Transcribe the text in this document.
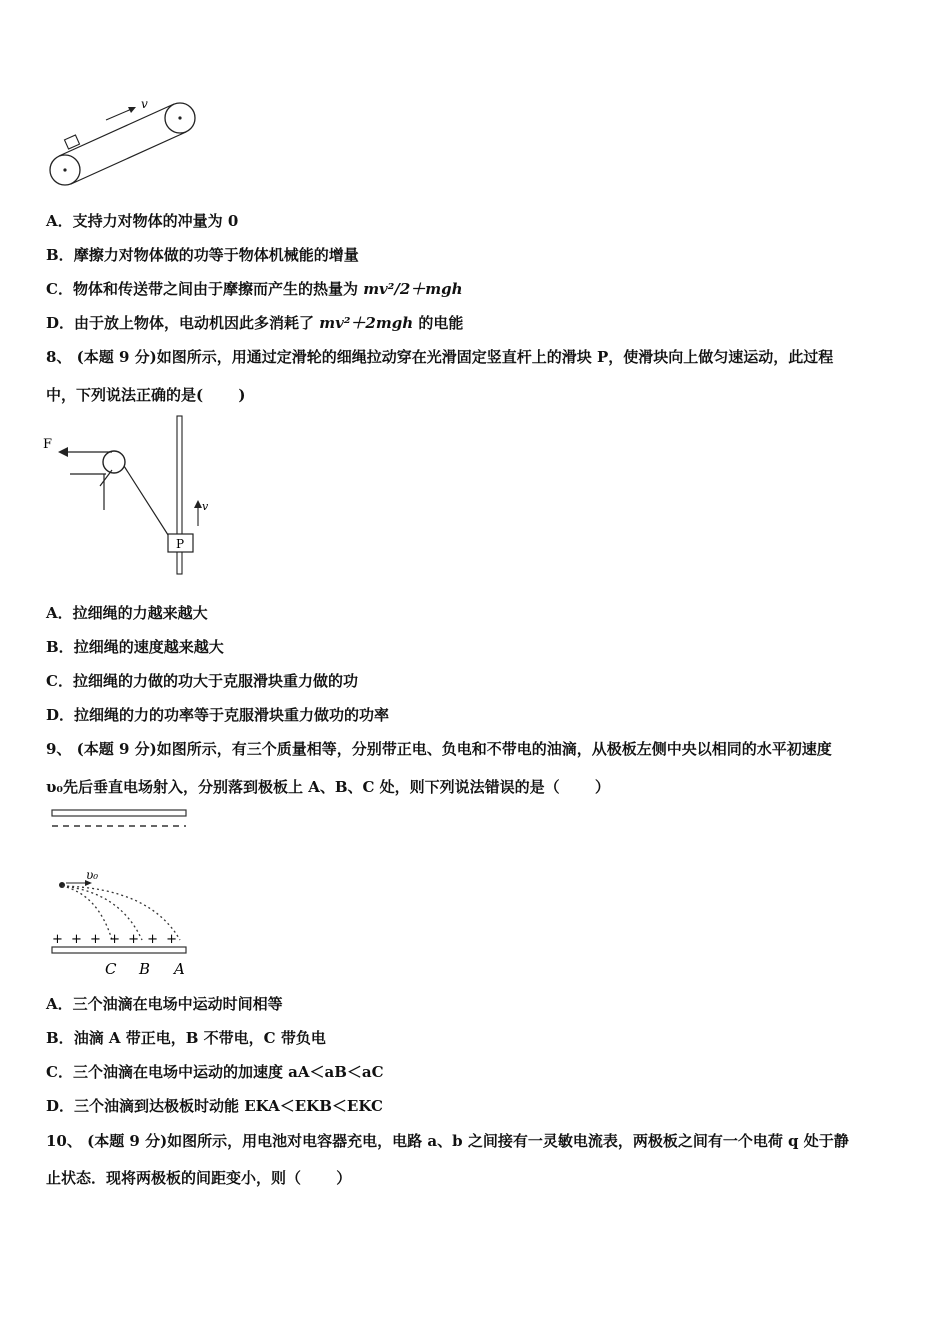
v
A．支持力对物体的冲量为 0
B．摩擦力对物体做的功等于物体机械能的增量
C．物体和传送带之间由于摩擦而产生的热量为 mv²/2＋mgh
D．由于放上物体，电动机因此多消耗了 mv²＋2mgh 的电能
8、 (本题 9 分)如图所示，用通过定滑轮的细绳拉动穿在光滑固定竖直杆上的滑块 P，使滑块向上做匀速运动，此过程
中，下列说法正确的是(　　 )
F
P
v
A．拉细绳的力越来越大
B．拉细绳的速度越来越大
C．拉细绳的力做的功大于克服滑块重力做的功
D．拉细绳的力的功率等于克服滑块重力做功的功率
9、 (本题 9 分)如图所示，有三个质量相等，分别带正电、负电和不带电的油滴，从极板左侧中央以相同的水平初速度
υ₀先后垂直电场射入，分别落到极板上 A、B、C 处，则下列说法错误的是（　　 ）
υ₀
+ + + + + + +
C B A
A．三个油滴在电场中运动时间相等
B．油滴 A 带正电，B 不带电，C 带负电
C．三个油滴在电场中运动的加速度 aA＜aB＜aC
D．三个油滴到达极板时动能 EKA＜EKB＜EKC
10、 (本题 9 分)如图所示，用电池对电容器充电，电路 a、b 之间接有一灵敏电流表，两极板之间有一个电荷 q 处于静
止状态．现将两极板的间距变小，则（　　 ）
